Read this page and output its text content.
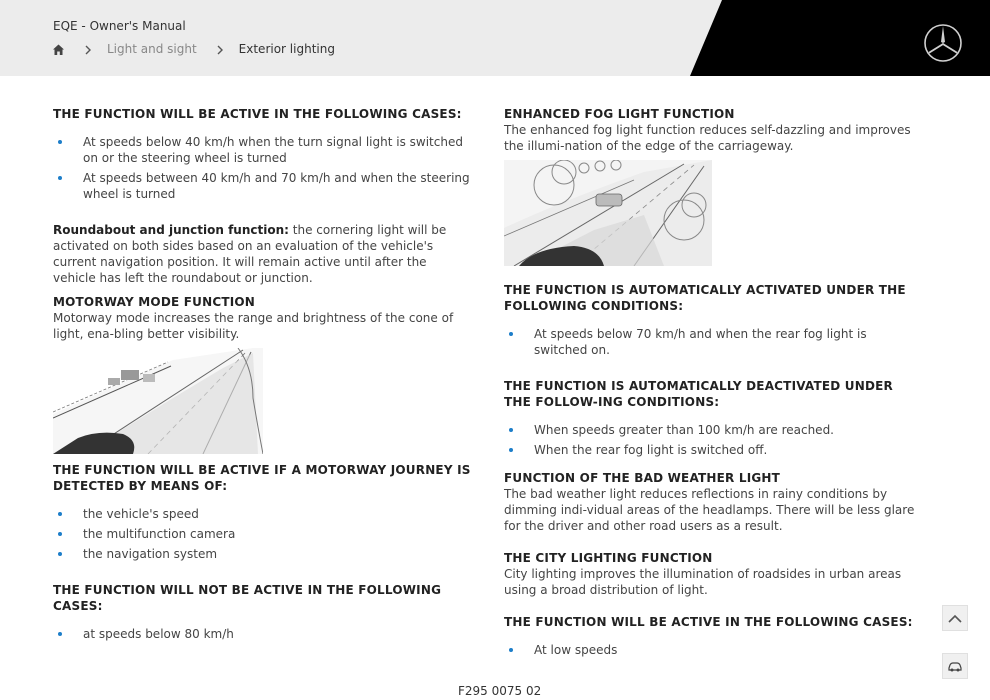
EQE - Owner's Manual
Light and sight	Exterior lighting
THE FUNCTION WILL BE ACTIVE IN THE FOLLOWING CASES:
At speeds below 40 km/h when the turn signal light is switched on or the steering wheel is turned
At speeds between 40 km/h and 70 km/h and when the steering wheel is turned
Roundabout and junction function: the cornering light will be activated on both sides based on an evaluation of the vehicle's current navigation position. It will remain active until after the vehicle has left the roundabout or junction.
MOTORWAY MODE FUNCTION
Motorway mode increases the range and brightness of the cone of light, ena-bling better visibility.
THE FUNCTION WILL BE ACTIVE IF A MOTORWAY JOURNEY IS DETECTED BY MEANS OF:
the vehicle's speed
the multifunction camera
the navigation system
THE FUNCTION WILL NOT BE ACTIVE IN THE FOLLOWING CASES:
at speeds below 80 km/h
ENHANCED FOG LIGHT FUNCTION
The enhanced fog light function reduces self-dazzling and improves the illumi-nation of the edge of the carriageway.
THE FUNCTION IS AUTOMATICALLY ACTIVATED UNDER THE FOLLOWING CONDITIONS:
At speeds below 70 km/h and when the rear fog light is switched on.
THE FUNCTION IS AUTOMATICALLY DEACTIVATED UNDER THE FOLLOW-ING CONDITIONS:
When speeds greater than 100 km/h are reached.
When the rear fog light is switched off.
FUNCTION OF THE BAD WEATHER LIGHT
The bad weather light reduces reflections in rainy conditions by dimming indi-vidual areas of the headlamps. There will be less glare for the driver and other road users as a result.
THE CITY LIGHTING FUNCTION
City lighting improves the illumination of roadsides in urban areas using a broad distribution of light.
THE FUNCTION WILL BE ACTIVE IN THE FOLLOWING CASES:
At low speeds
F295 0075 02
